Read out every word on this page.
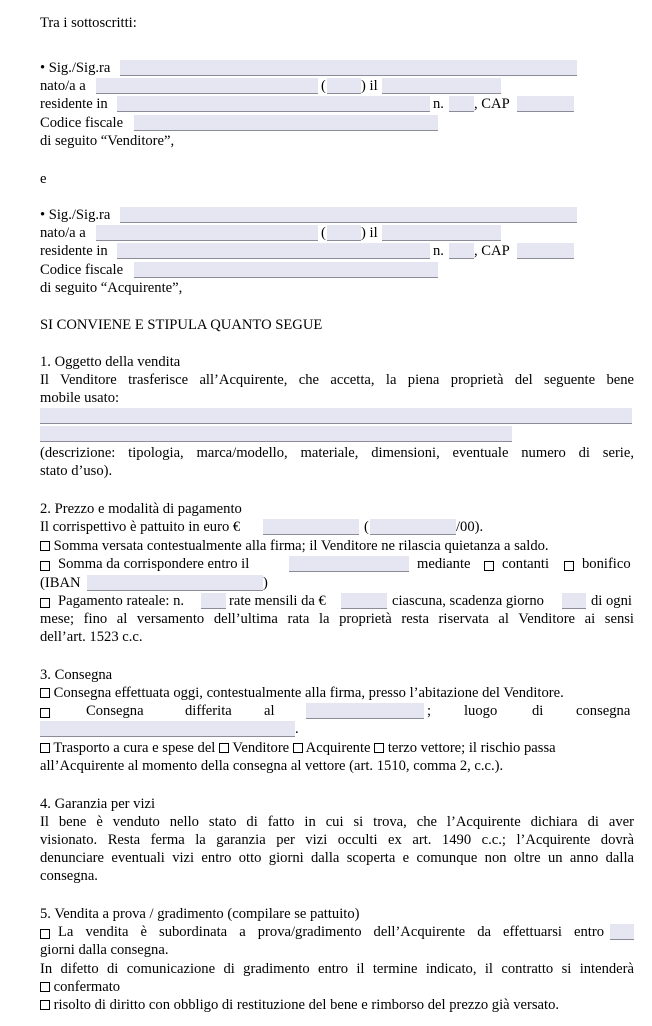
Tra i sottoscritti:
• Sig./Sig.ra
nato/a a	( ) il
residente in	n. , CAP
Codice fiscale
di seguito “Venditore”,
e
• Sig./Sig.ra
nato/a a	( ) il
residente in	n. , CAP
Codice fiscale
di seguito “Acquirente”,
SI CONVIENE E STIPULA QUANTO SEGUE
1. Oggetto della vendita
Il Venditore trasferisce all’Acquirente, che accetta, la piena proprietà del seguente bene
mobile usato:
(descrizione: tipologia, marca/modello, materiale, dimensioni, eventuale numero di serie,
stato d’uso).
2. Prezzo e modalità di pagamento
Il corrispettivo è pattuito in euro €	(	/00).
Somma versata contestualmente alla firma; il Venditore ne rilascia quietanza a saldo.
Somma da corrispondere entro il	mediante contanti bonifico
(IBAN	)
Pagamento rateale: n.	rate mensili da €	ciascuna, scadenza giorno	di ogni
mese; fino al versamento dell’ultima rata la proprietà resta riservata al Venditore ai sensi
dell’art. 1523 c.c.
3. Consegna
Consegna effettuata oggi, contestualmente alla firma, presso l’abitazione del Venditore.
Consegna	differita al	; luogo di consegna
.
Trasporto a cura e spese del Venditore Acquirente terzo vettore; il rischio passa
all’Acquirente al momento della consegna al vettore (art. 1510, comma 2, c.c.).
4. Garanzia per vizi
Il bene è venduto nello stato di fatto in cui si trova, che l’Acquirente dichiara di aver
visionato. Resta ferma la garanzia per vizi occulti ex art. 1490 c.c.; l’Acquirente dovrà
denunciare eventuali vizi entro otto giorni dalla scoperta e comunque non oltre un anno dalla
consegna.
5. Vendita a prova / gradimento (compilare se pattuito)
La vendita è subordinata a prova/gradimento dell’Acquirente da effettuarsi entro
giorni dalla consegna.
In difetto di comunicazione di gradimento entro il termine indicato, il contratto si intenderà
confermato
risolto di diritto con obbligo di restituzione del bene e rimborso del prezzo già versato.
